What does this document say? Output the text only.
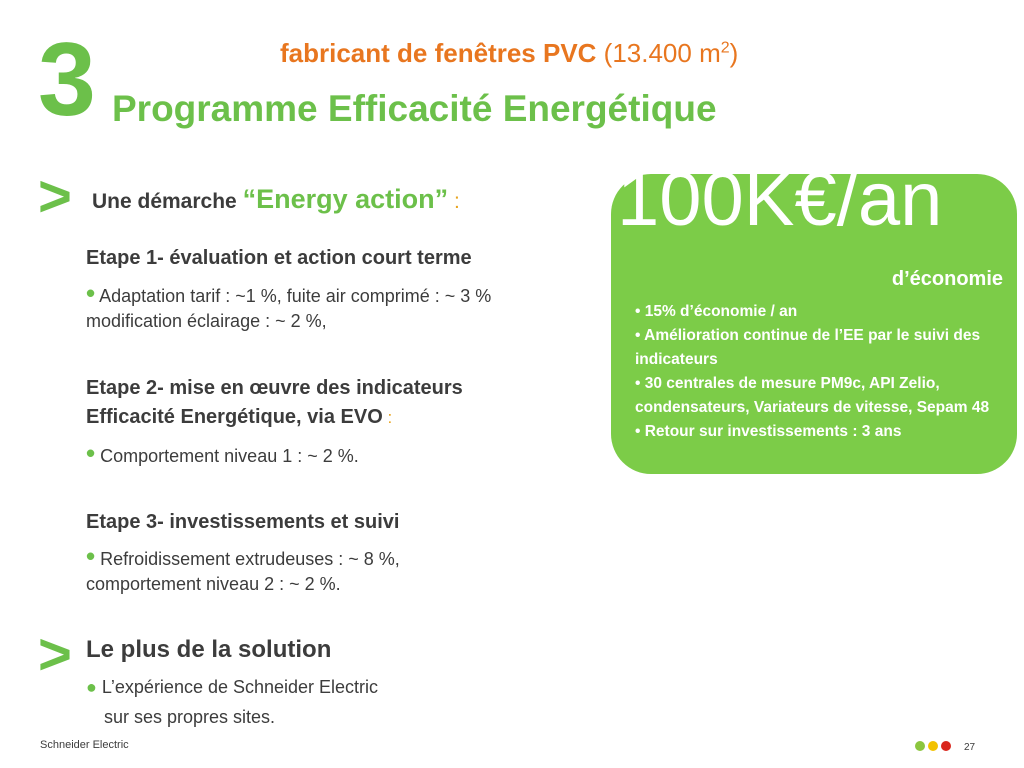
3	fabricant de fenêtres PVC (13.400 $m^2$)
Programme Efficacité Energétique
> Une démarche “Energy action” :
Etape 1- évaluation et action court terme
• Adaptation tarif : ~1 %, fuite air comprimé : ~ 3 %
modification éclairage : ~ 2 %,
Etape 2- mise en œuvre des indicateurs
Efficacité Energétique, via EVO :
• Comportement niveau 1 : ~ 2 %.
Etape 3- investissements et suivi
• Refroidissement extrudeuses : ~ 8 %,
comportement niveau 2 : ~ 2 %.
100K€/an
d’économie
• 15% d’économie / an
• Amélioration continue de l’EE par le suivi des indicateurs
• 30 centrales de mesure PM9c, API Zelio, condensateurs, Variateurs de vitesse, Sepam 48
• Retour sur investissements : 3 ans
> Le plus de la solution
● L’expérience de Schneider Electric
sur ses propres sites.
Schneider Electric	27
